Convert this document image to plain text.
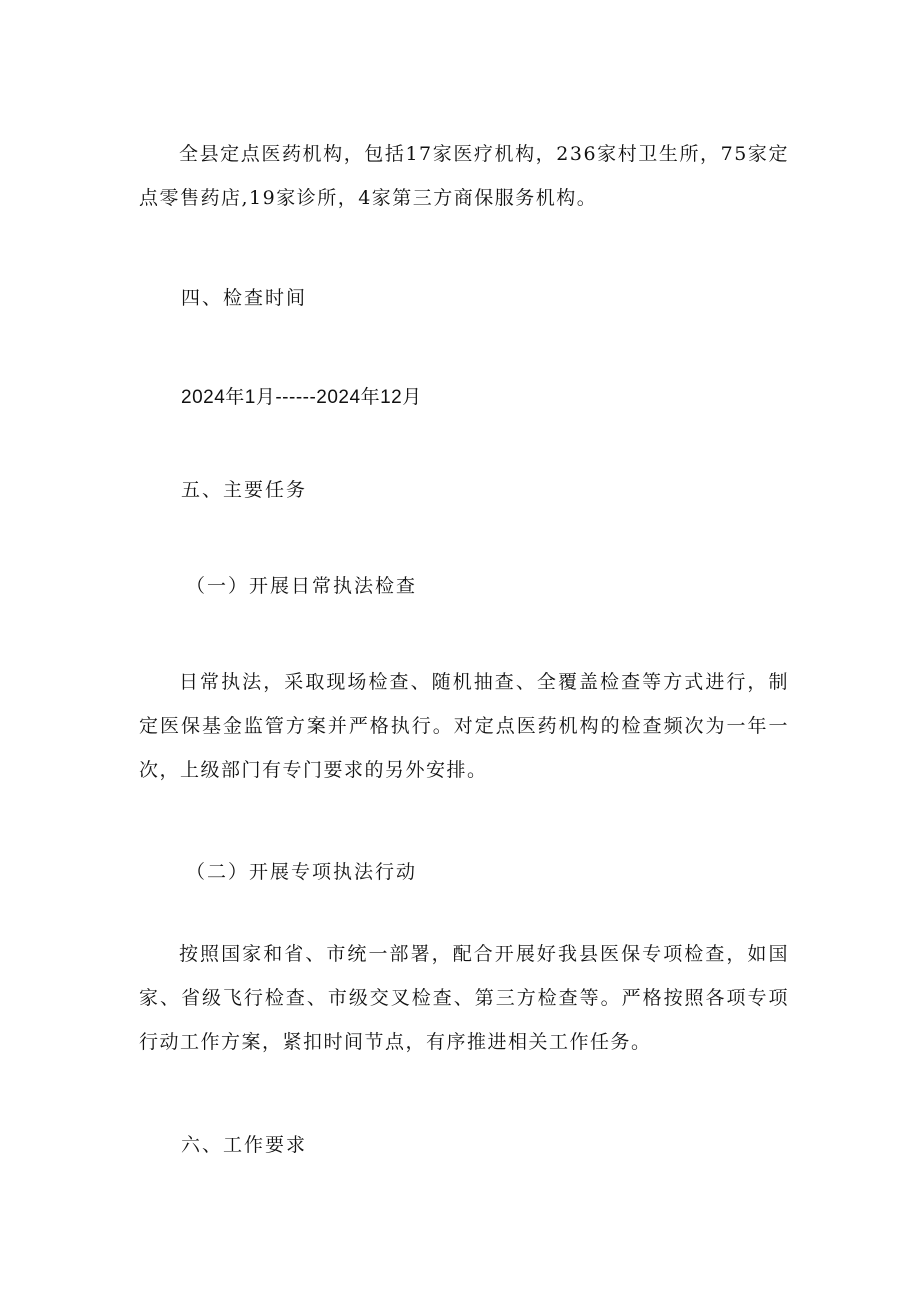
全县定点医药机构，包括17家医疗机构，236家村卫生所，75家定点零售药店,19家诊所，4家第三方商保服务机构。

四、检查时间

2024年1月------2024年12月

五、主要任务

（一）开展日常执法检查

日常执法，采取现场检查、随机抽查、全覆盖检查等方式进行，制定医保基金监管方案并严格执行。对定点医药机构的检查频次为一年一次，上级部门有专门要求的另外安排。

（二）开展专项执法行动

按照国家和省、市统一部署，配合开展好我县医保专项检查，如国家、省级飞行检查、市级交叉检查、第三方检查等。严格按照各项专项行动工作方案，紧扣时间节点，有序推进相关工作任务。

六、工作要求
